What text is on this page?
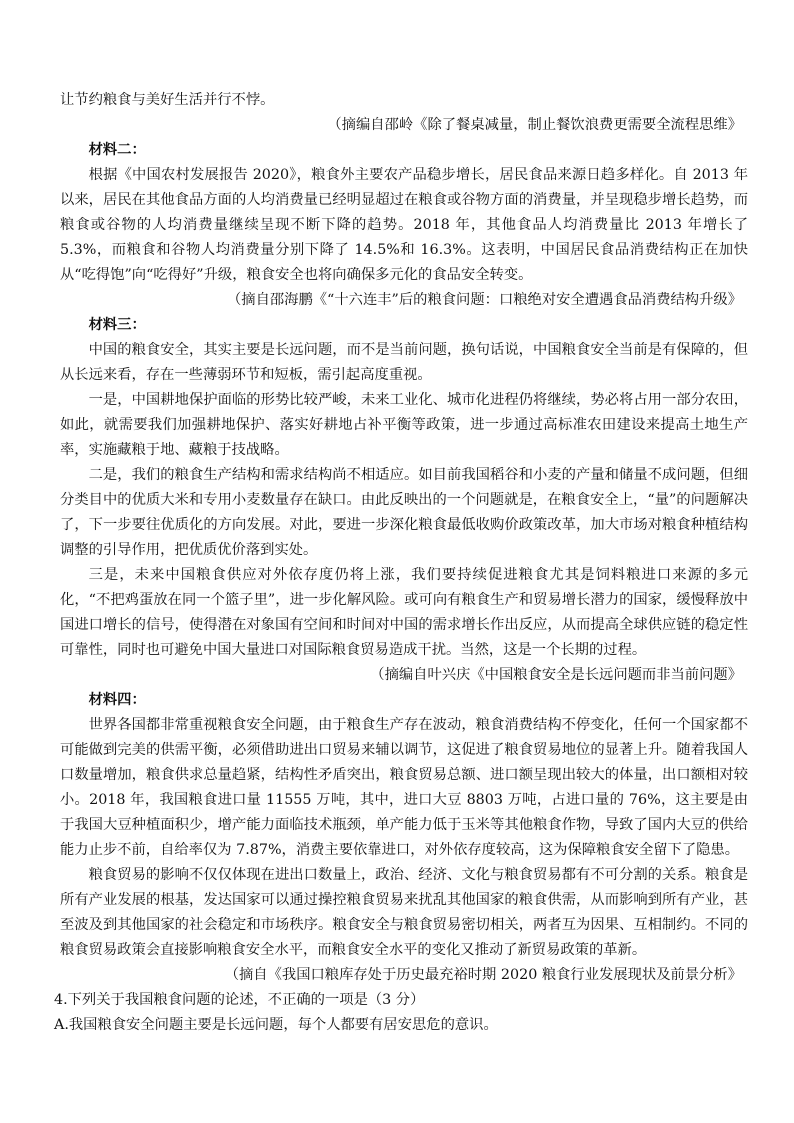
让节约粮食与美好生活并行不悖。

（摘编自邵岭《除了餐桌减量，制止餐饮浪费更需要全流程思维》

材料二：

根据《中国农村发展报告 2020》，粮食外主要农产品稳步增长，居民食品来源日趋多样化。自 2013 年以来，居民在其他食品方面的人均消费量已经明显超过在粮食或谷物方面的消费量，并呈现稳步增长趋势，而粮食或谷物的人均消费量继续呈现不断下降的趋势。2018 年，其他食品人均消费量比 2013 年增长了 5.3%，而粮食和谷物人均消费量分别下降了 14.5%和 16.3%。这表明，中国居民食品消费结构正在加快从“吃得饱”向“吃得好”升级，粮食安全也将向确保多元化的食品安全转变。

（摘自邵海鹏《“十六连丰”后的粮食问题：口粮绝对安全遭遇食品消费结构升级》

材料三：

中国的粮食安全，其实主要是长远问题，而不是当前问题，换句话说，中国粮食安全当前是有保障的，但从长远来看，存在一些薄弱环节和短板，需引起高度重视。

一是，中国耕地保护面临的形势比较严峻，未来工业化、城市化进程仍将继续，势必将占用一部分农田，如此，就需要我们加强耕地保护、落实好耕地占补平衡等政策，进一步通过高标准农田建设来提高土地生产率，实施藏粮于地、藏粮于技战略。

二是，我们的粮食生产结构和需求结构尚不相适应。如目前我国稻谷和小麦的产量和储量不成问题，但细分类目中的优质大米和专用小麦数量存在缺口。由此反映出的一个问题就是，在粮食安全上，“量”的问题解决了，下一步要往优质化的方向发展。对此，要进一步深化粮食最低收购价政策改革，加大市场对粮食种植结构调整的引导作用，把优质优价落到实处。

三是，未来中国粮食供应对外依存度仍将上涨，我们要持续促进粮食尤其是饲料粮进口来源的多元化，“不把鸡蛋放在同一个篮子里”，进一步化解风险。或可向有粮食生产和贸易增长潜力的国家，缓慢释放中国进口增长的信号，使得潜在对象国有空间和时间对中国的需求增长作出反应，从而提高全球供应链的稳定性可靠性，同时也可避免中国大量进口对国际粮食贸易造成干扰。当然，这是一个长期的过程。

（摘编自叶兴庆《中国粮食安全是长远问题而非当前问题》

材料四：

世界各国都非常重视粮食安全问题，由于粮食生产存在波动，粮食消费结构不停变化，任何一个国家都不可能做到完美的供需平衡，必须借助进出口贸易来辅以调节，这促进了粮食贸易地位的显著上升。随着我国人口数量增加，粮食供求总量趋紧，结构性矛盾突出，粮食贸易总额、进口额呈现出较大的体量，出口额相对较小。2018 年，我国粮食进口量 11555 万吨，其中，进口大豆 8803 万吨，占进口量的 76%，这主要是由于我国大豆种植面积少，增产能力面临技术瓶颈，单产能力低于玉米等其他粮食作物，导致了国内大豆的供给能力止步不前，自给率仅为 7.87%，消费主要依靠进口，对外依存度较高，这为保障粮食安全留下了隐患。

粮食贸易的影响不仅仅体现在进出口数量上，政治、经济、文化与粮食贸易都有不可分割的关系。粮食是所有产业发展的根基，发达国家可以通过操控粮食贸易来扰乱其他国家的粮食供需，从而影响到所有产业，甚至波及到其他国家的社会稳定和市场秩序。粮食安全与粮食贸易密切相关，两者互为因果、互相制约。不同的粮食贸易政策会直接影响粮食安全水平，而粮食安全水平的变化又推动了新贸易政策的革新。

（摘自《我国口粮库存处于历史最充裕时期 2020 粮食行业发展现状及前景分析》

4.下列关于我国粮食问题的论述，不正确的一项是（3 分）

A.我国粮食安全问题主要是长远问题，每个人都要有居安思危的意识。
